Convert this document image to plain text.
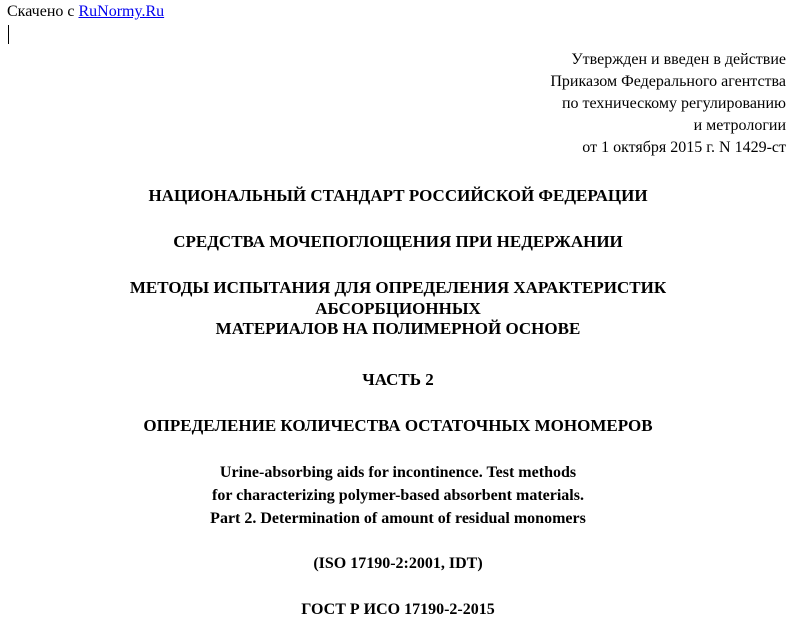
Скачено с RuNormy.Ru
Утвержден и введен в действие
Приказом Федерального агентства
по техническому регулированию
и метрологии
от 1 октября 2015 г. N 1429-ст
НАЦИОНАЛЬНЫЙ СТАНДАРТ РОССИЙСКОЙ ФЕДЕРАЦИИ
СРЕДСТВА МОЧЕПОГЛОЩЕНИЯ ПРИ НЕДЕРЖАНИИ
МЕТОДЫ ИСПЫТАНИЯ ДЛЯ ОПРЕДЕЛЕНИЯ ХАРАКТЕРИСТИК
АБСОРБЦИОННЫХ
МАТЕРИАЛОВ НА ПОЛИМЕРНОЙ ОСНОВЕ
ЧАСТЬ 2
ОПРЕДЕЛЕНИЕ КОЛИЧЕСТВА ОСТАТОЧНЫХ МОНОМЕРОВ
Urine-absorbing aids for incontinence. Test methods
for characterizing polymer-based absorbent materials.
Part 2. Determination of amount of residual monomers
(ISO 17190-2:2001, IDT)
ГОСТ Р ИСО 17190-2-2015
